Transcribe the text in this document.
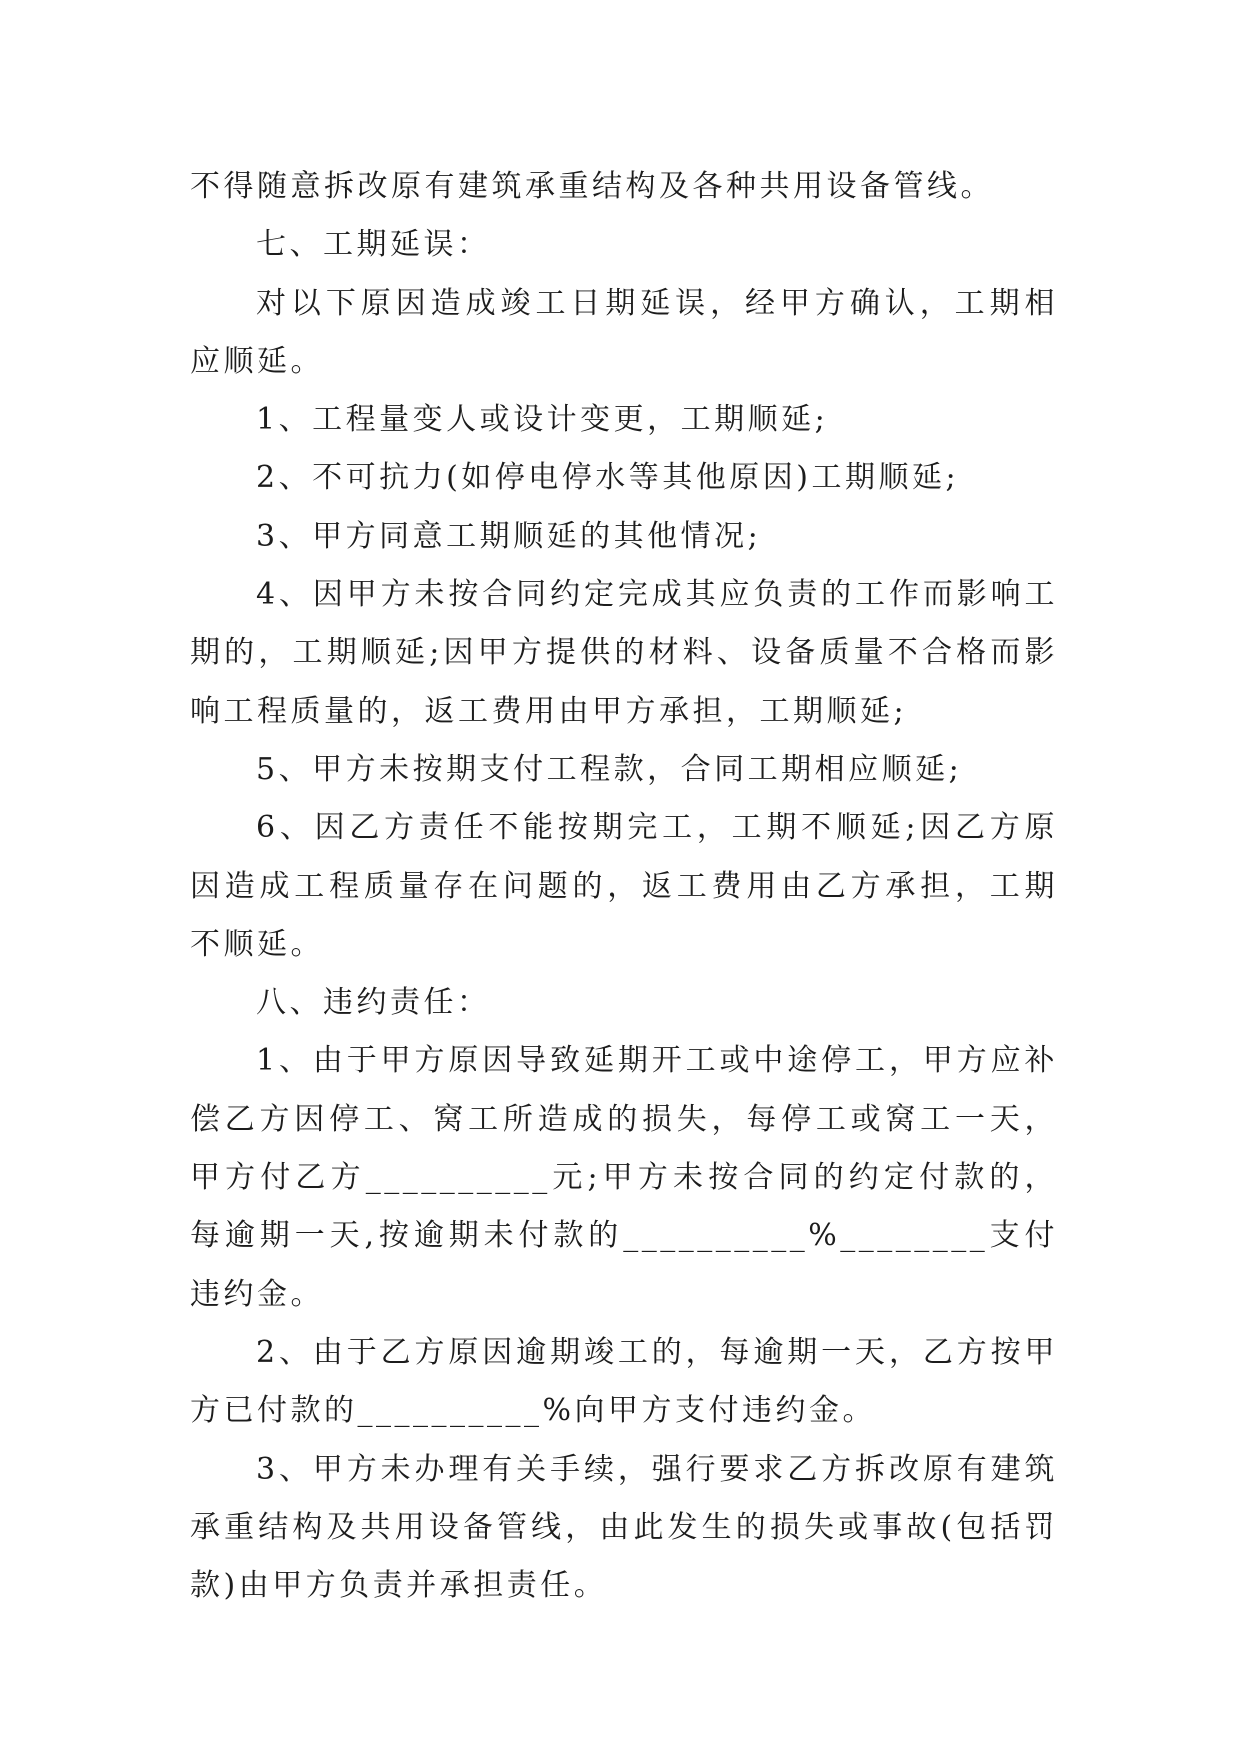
不得随意拆改原有建筑承重结构及各种共用设备管线。

七、工期延误：

对以下原因造成竣工日期延误，经甲方确认，工期相应顺延。

1、工程量变人或设计变更，工期顺延;

2、不可抗力(如停电停水等其他原因)工期顺延;

3、甲方同意工期顺延的其他情况;

4、因甲方未按合同约定完成其应负责的工作而影响工期的，工期顺延;因甲方提供的材料、设备质量不合格而影响工程质量的，返工费用由甲方承担，工期顺延;

5、甲方未按期支付工程款，合同工期相应顺延;

6、因乙方责任不能按期完工，工期不顺延;因乙方原因造成工程质量存在问题的，返工费用由乙方承担，工期不顺延。

八、违约责任：

1、由于甲方原因导致延期开工或中途停工，甲方应补偿乙方因停工、窝工所造成的损失，每停工或窝工一天，甲方付乙方__________元;甲方未按合同的约定付款的，每逾期一天,按逾期未付款的__________%________支付违约金。

2、由于乙方原因逾期竣工的，每逾期一天，乙方按甲方已付款的__________%向甲方支付违约金。

3、甲方未办理有关手续，强行要求乙方拆改原有建筑承重结构及共用设备管线，由此发生的损失或事故(包括罚款)由甲方负责并承担责任。
